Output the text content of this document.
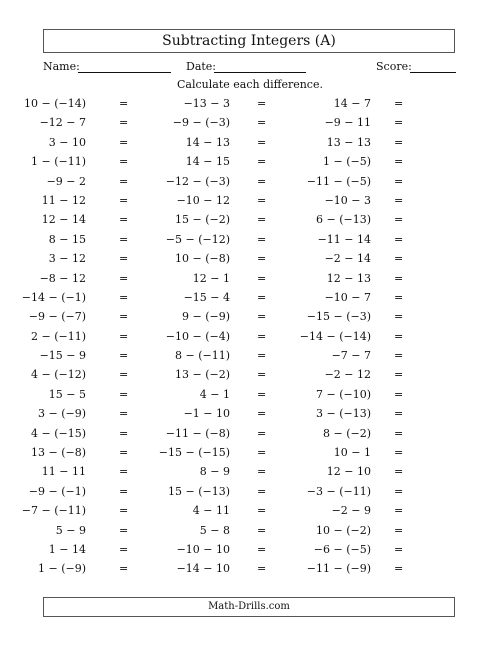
Subtracting Integers (A)
Name:	Date:	Score:
Calculate each difference.
10 − (−14)	=	−13 − 3 =	14 − 7 =
−12 − 7	=	−9 − (−3) =	−9 − 11 =
3 − 10	=	14 − 13 =	13 − 13 =
1 − (−11)	=	14 − 15 =	1 − (−5) =
−9 − 2	=	−12 − (−3) =	−11 − (−5) =
11 − 12	=	−10 − 12 =	−10 − 3 =
12 − 14	=	15 − (−2) =	6 − (−13) =
8 − 15	=	−5 − (−12) =	−11 − 14 =
3 − 12	=	10 − (−8) =	−2 − 14 =
−8 − 12	=	12 − 1 =	12 − 13 =
−14 − (−1)	=	−15 − 4 =	−10 − 7 =
−9 − (−7)	=	9 − (−9) =	−15 − (−3) =
2 − (−11)	=	−10 − (−4) =	−14 − (−14) =
−15 − 9	=	8 − (−11) =	−7 − 7 =
4 − (−12)	=	13 − (−2) =	−2 − 12 =
15 − 5	=	4 − 1 =	7 − (−10) =
3 − (−9)	=	−1 − 10 =	3 − (−13) =
4 − (−15)	=	−11 − (−8) =	8 − (−2) =
13 − (−8)	=	−15 − (−15) =	10 − 1 =
11 − 11	=	8 − 9 =	12 − 10 =
−9 − (−1)	=	15 − (−13) =	−3 − (−11) =
−7 − (−11)	=	4 − 11 =	−2 − 9 =
5 − 9	=	5 − 8 =	10 − (−2) =
1 − 14	=	−10 − 10 =	−6 − (−5) =
1 − (−9)	=	−14 − 10 =	−11 − (−9) =
Math-Drills.com
